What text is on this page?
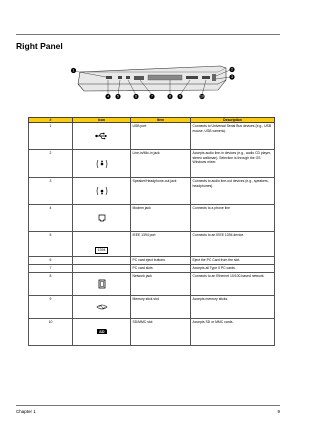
Right Panel
1	2
3
4 5	6	7	8 9	10
#	Icon	Item	Description
1		USB port	Connects to Universal Serial Bus devices (e.g., USB mouse, USB camera).
2		Line-in/Mic-in jack	Accepts audio line-in devices (e.g., audio CD player, stereo walkman). Selection is through the OS Windows mixer.
3		Speaker/Headphone-out jack	Connects to audio line-out devices (e.g., speakers, headphones).
4		Modem jack	Connects to a phone line
5	1394	IEEE 1394 port	Connects to an IEEE 1394 device.
6		PC card eject buttons	Eject the PC Card from the slot.
7		PC card slots	Accepts all Type II PC cards.
8		Network jack	Connects to an Ethernet 10/100-based network.
9		Memory stick slot	Accepts memory sticks.
10	SD	SD/MMC slot	Accepts SD or MMC cards.
Chapter 1	9
